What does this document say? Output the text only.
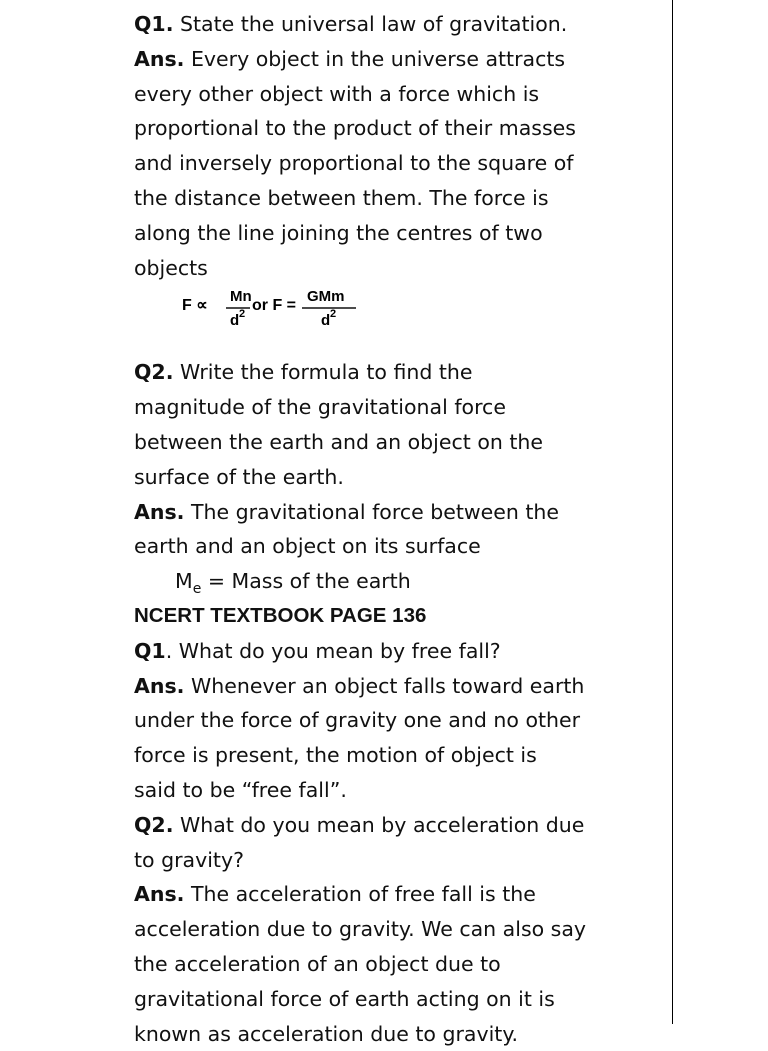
Q1. State the universal law of gravitation.
Ans. Every object in the universe attracts
every other object with a force which is
proportional to the product of their masses
and inversely proportional to the square of
the distance between them. The force is
along the line joining the centres of two
objects
F ∝
Mn
d 2 or F =
GMm
d 2
Q2. Write the formula to find the
magnitude of the gravitational force
between the earth and an object on the
surface of the earth.
Ans. The gravitational force between the
earth and an object on its surface
$M_e$ = Mass of the earth
NCERT TEXTBOOK PAGE 136
Q1. What do you mean by free fall?
Ans. Whenever an object falls toward earth
under the force of gravity one and no other
force is present, the motion of object is
said to be “free fall”.
Q2. What do you mean by acceleration due
to gravity?
Ans. The acceleration of free fall is the
acceleration due to gravity. We can also say
the acceleration of an object due to
gravitational force of earth acting on it is
known as acceleration due to gravity.
